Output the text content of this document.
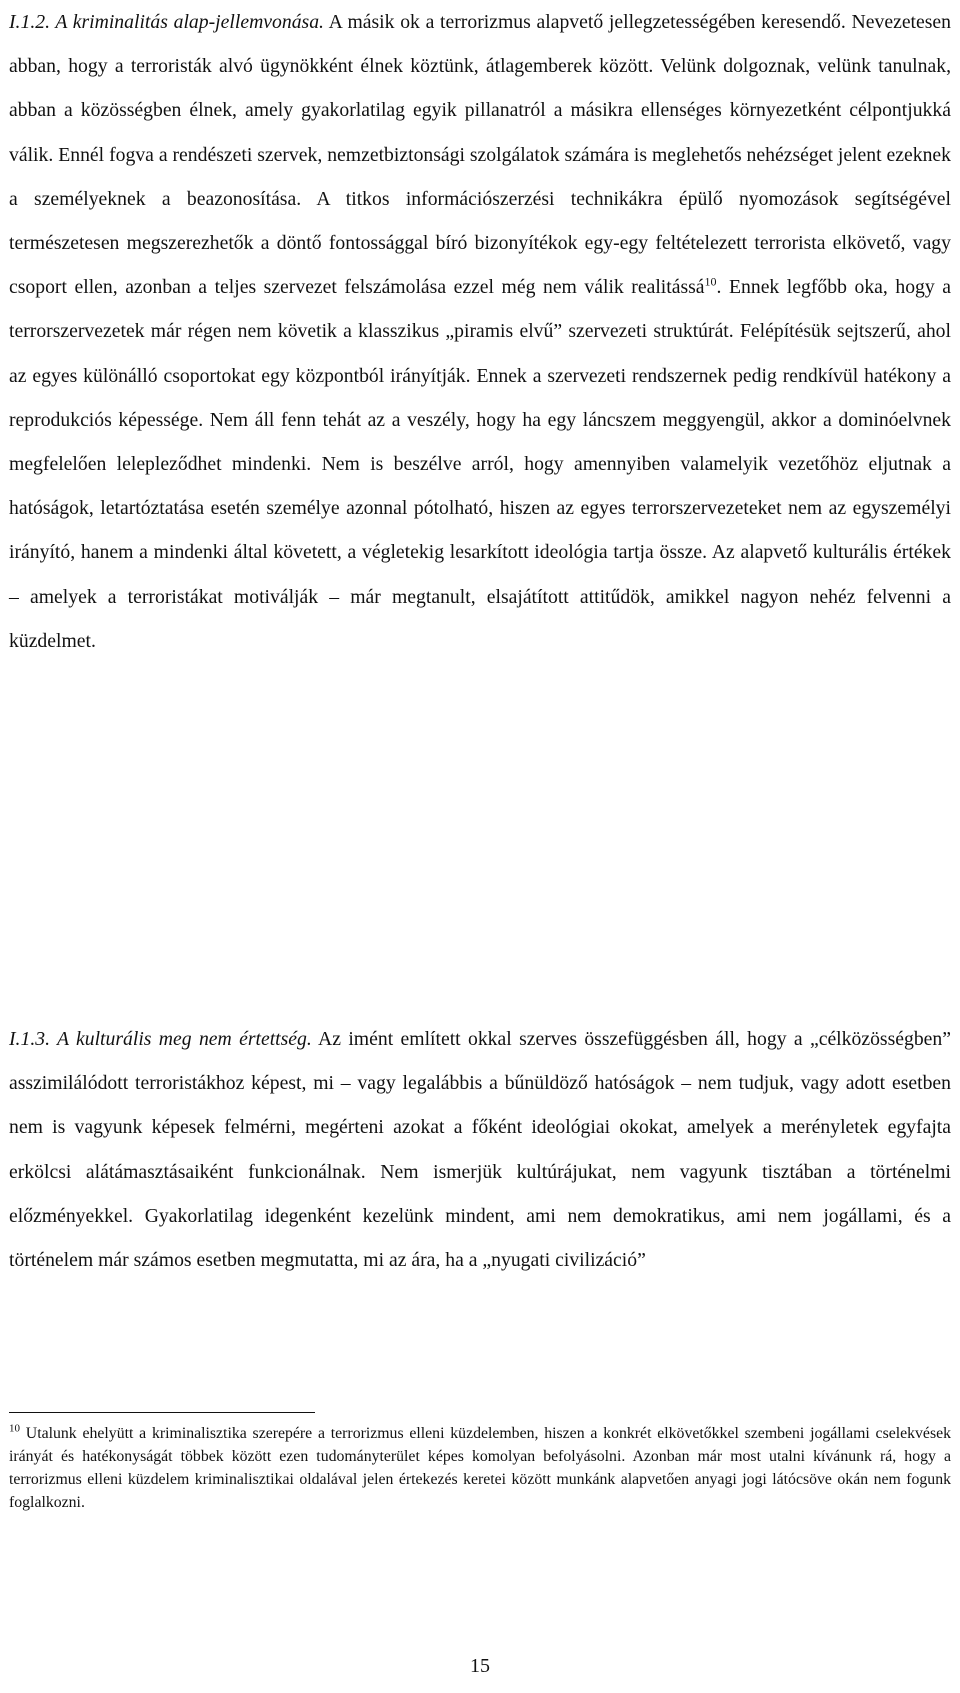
I.1.2. A kriminalitás alap-jellemvonása. A másik ok a terrorizmus alapvető jellegzetességében keresendő. Nevezetesen abban, hogy a terroristák alvó ügynökként élnek köztünk, átlagemberek között. Velünk dolgoznak, velünk tanulnak, abban a közösségben élnek, amely gyakorlatilag egyik pillanatról a másikra ellenséges környezetként célpontjukká válik. Ennél fogva a rendészeti szervek, nemzetbiztonsági szolgálatok számára is meglehetős nehézséget jelent ezeknek a személyeknek a beazonosítása. A titkos információszerzési technikákra épülő nyomozások segítségével természetesen megszerezhetők a döntő fontossággal bíró bizonyítékok egy-egy feltételezett terrorista elkövető, vagy csoport ellen, azonban a teljes szervezet felszámolása ezzel még nem válik realitássá$^{10}$. Ennek legfőbb oka, hogy a terrorszervezetek már régen nem követik a klasszikus „piramis elvű” szervezeti struktúrát. Felépítésük sejtszerű, ahol az egyes különálló csoportokat egy központból irányítják. Ennek a szervezeti rendszernek pedig rendkívül hatékony a reprodukciós képessége. Nem áll fenn tehát az a veszély, hogy ha egy láncszem meggyengül, akkor a dominóelvnek megfelelően lelepleződhet mindenki. Nem is beszélve arról, hogy amennyiben valamelyik vezetőhöz eljutnak a hatóságok, letartóztatása esetén személye azonnal pótolható, hiszen az egyes terrorszervezeteket nem az egyszemélyi irányító, hanem a mindenki által követett, a végletekig lesarkított ideológia tartja össze. Az alapvető kulturális értékek – amelyek a terroristákat motiválják – már megtanult, elsajátított attitűdök, amikkel nagyon nehéz felvenni a küzdelmet.

I.1.3. A kulturális meg nem értettség. Az imént említett okkal szerves összefüggésben áll, hogy a „célközösségben” asszimilálódott terroristákhoz képest, mi – vagy legalábbis a bűnüldöző hatóságok – nem tudjuk, vagy adott esetben nem is vagyunk képesek felmérni, megérteni azokat a főként ideológiai okokat, amelyek a merényletek egyfajta erkölcsi alátámasztásaiként funkcionálnak. Nem ismerjük kultúrájukat, nem vagyunk tisztában a történelmi előzményekkel. Gyakorlatilag idegenként kezelünk mindent, ami nem demokratikus, ami nem jogállami, és a történelem már számos esetben megmutatta, mi az ára, ha a „nyugati civilizáció”

$^{10}$ Utalunk ehelyütt a kriminalisztika szerepére a terrorizmus elleni küzdelemben, hiszen a konkrét elkövetőkkel szembeni jogállami cselekvések irányát és hatékonyságát többek között ezen tudományterület képes komolyan befolyásolni. Azonban már most utalni kívánunk rá, hogy a terrorizmus elleni küzdelem kriminalisztikai oldalával jelen értekezés keretei között munkánk alapvetően anyagi jogi látócsöve okán nem fogunk foglalkozni.

15
